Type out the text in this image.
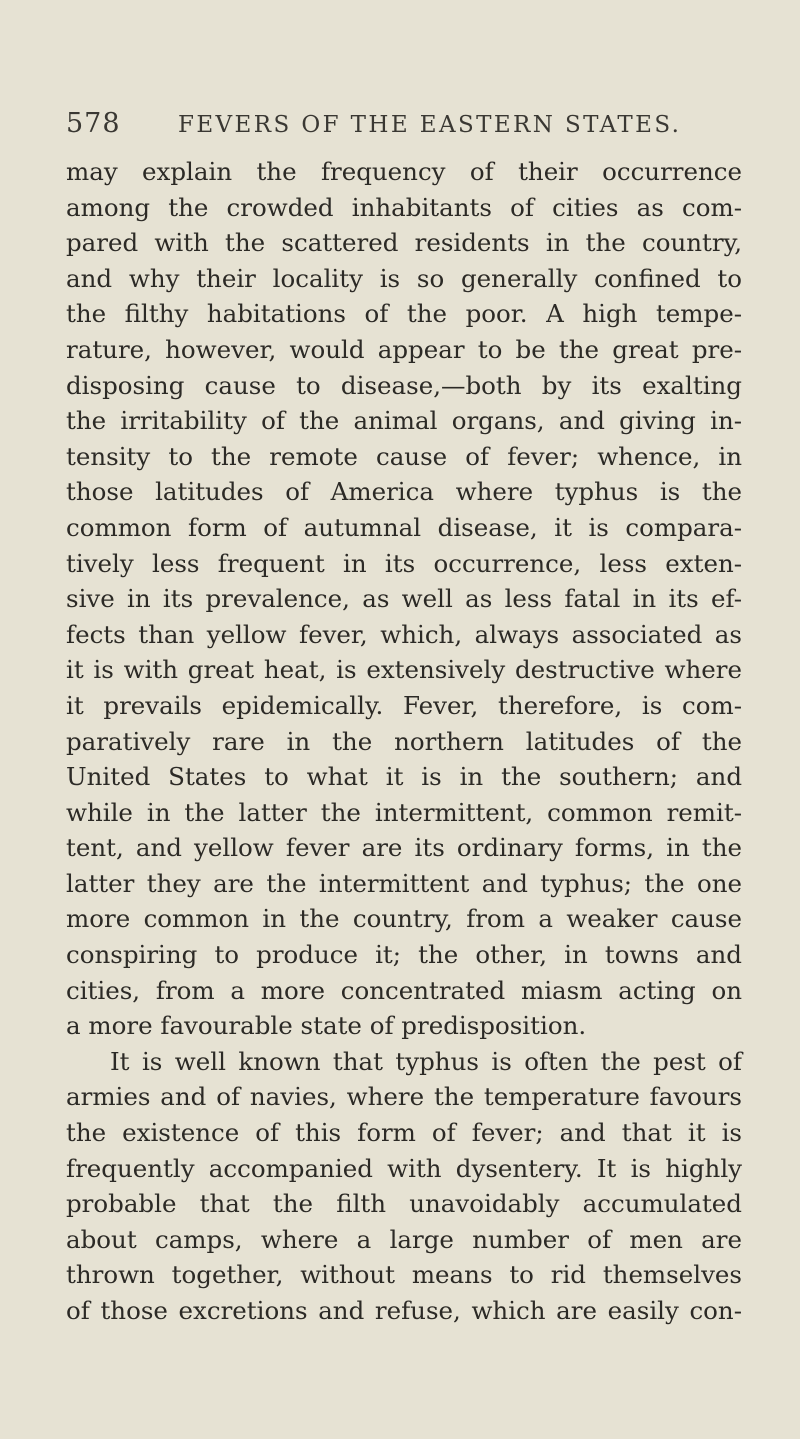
578 FEVERS OF THE EASTERN STATES.
may explain the frequency of their occurrence
among the crowded inhabitants of cities as com-
pared with the scattered residents in the country,
and why their locality is so generally confined to
the filthy habitations of the poor. A high tempe-
rature, however, would appear to be the great pre-
disposing cause to disease,—both by its exalting
the irritability of the animal organs, and giving in-
tensity to the remote cause of fever; whence, in
those latitudes of America where typhus is the
common form of autumnal disease, it is compara-
tively less frequent in its occurrence, less exten-
sive in its prevalence, as well as less fatal in its ef-
fects than yellow fever, which, always associated as
it is with great heat, is extensively destructive where
it prevails epidemically. Fever, therefore, is com-
paratively rare in the northern latitudes of the
United States to what it is in the southern; and
while in the latter the intermittent, common remit-
tent, and yellow fever are its ordinary forms, in the
latter they are the intermittent and typhus; the one
more common in the country, from a weaker cause
conspiring to produce it; the other, in towns and
cities, from a more concentrated miasm acting on
a more favourable state of predisposition.
It is well known that typhus is often the pest of
armies and of navies, where the temperature favours
the existence of this form of fever; and that it is
frequently accompanied with dysentery. It is highly
probable that the filth unavoidably accumulated
about camps, where a large number of men are
thrown together, without means to rid themselves
of those excretions and refuse, which are easily con-
